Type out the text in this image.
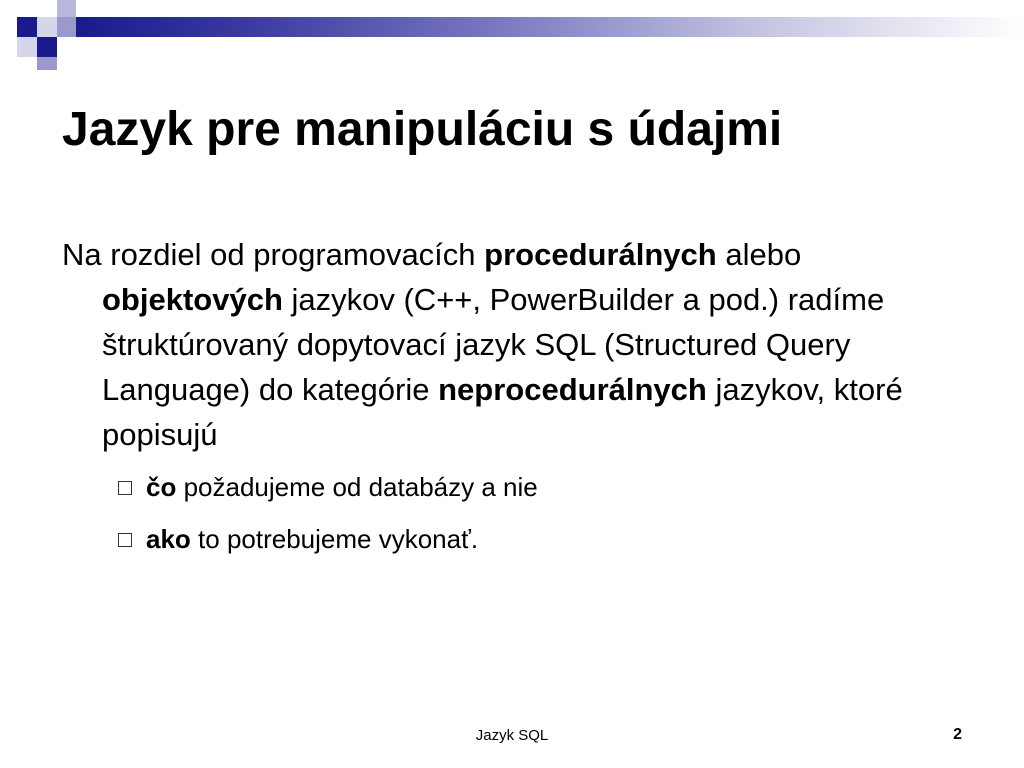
Jazyk pre manipuláciu s údajmi

Na rozdiel od programovacích procedurálnych alebo objektových jazykov (C++, PowerBuilder a pod.) radíme štruktúrovaný dopytovací jazyk SQL (Structured Query Language) do kategórie neprocedurálnych jazykov, ktoré popisujú

čo požadujeme od databázy a nie
ako to potrebujeme vykonať.
Jazyk SQL	2
